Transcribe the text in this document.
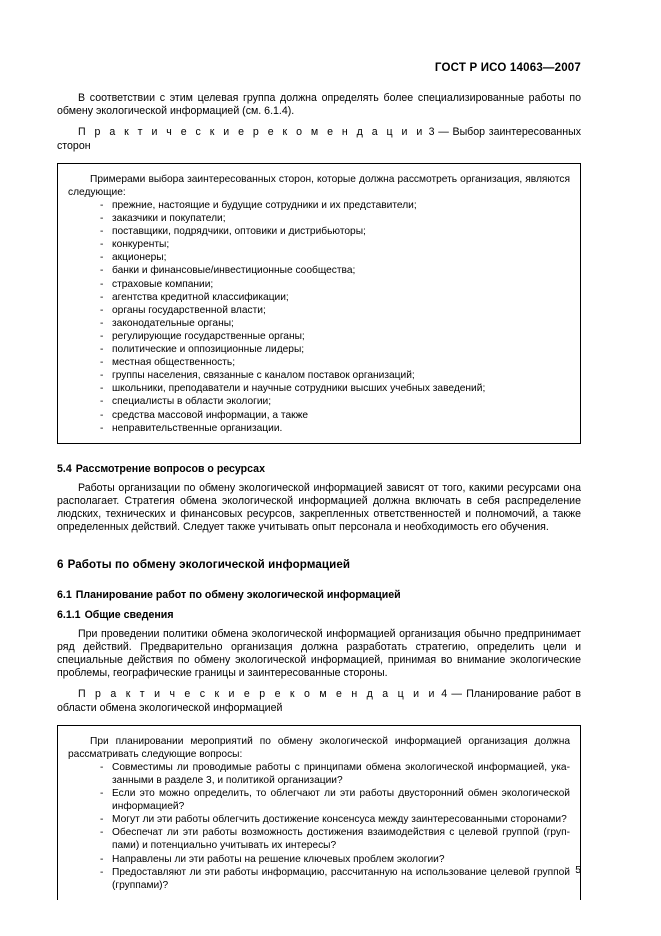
ГОСТ Р ИСО 14063—2007

В соответствии с этим целевая группа должна определять более специализированные работы по обмену экологической информацией (см. 6.1.4).

П р а к т и ч е с к и е р е к о м е н д а ц и и 3 — Выбор заинтересованных сторон

Примерами выбора заинтересованных сторон, которые должна рассмотреть организация, являются следующие:

- прежние, настоящие и будущие сотрудники и их представители;
- заказчики и покупатели;
- поставщики, подрядчики, оптовики и дистрибьюторы;
- конкуренты;
- акционеры;
- банки и финансовые/инвестиционные сообщества;
- страховые компании;
- агентства кредитной классификации;
- органы государственной власти;
- законодательные органы;
- регулирующие государственные органы;
- политические и оппозиционные лидеры;
- местная общественность;
- группы населения, связанные с каналом поставок организаций;
- школьники, преподаватели и научные сотрудники высших учебных заведений;
- специалисты в области экологии;
- средства массовой информации, а также
- неправительственные организации.
5.4 Рассмотрение вопросов о ресурсах

Работы организации по обмену экологической информацией зависят от того, какими ресурсами она располагает. Стратегия обмена экологической информацией должна включать в себя распределение людских, технических и финансовых ресурсов, закрепленных ответственностей и полномочий, а также определенных действий. Следует также учитывать опыт персонала и необходимость его обучения.

6 Работы по обмену экологической информацией
6.1 Планирование работ по обмену экологической информацией
6.1.1 Общие сведения

При проведении политики обмена экологической информацией организация обычно предпринимает ряд действий. Предварительно организация должна разработать стратегию, определить цели и специальные действия по обмену экологической информацией, принимая во внимание экологические проблемы, географические границы и заинтересованные стороны.

П р а к т и ч е с к и е р е к о м е н д а ц и и 4 — Планирование работ в области обмена экологической информацией

При планировании мероприятий по обмену экологической информацией организация должна рассматривать следующие вопросы:

- Совместимы ли проводимые работы с принципами обмена экологической информацией, указанными в разделе 3, и политикой организации?
- Если это можно определить, то облегчают ли эти работы двусторонний обмен экологической информацией?
- Могут ли эти работы облегчить достижение консенсуса между заинтересованными сторонами?
- Обеспечат ли эти работы возможность достижения взаимодействия с целевой группой (группами) и потенциально учитывать их интересы?
- Направлены ли эти работы на решение ключевых проблем экологии?
- Предоставляют ли эти работы информацию, рассчитанную на использование целевой группой (группами)?
5
